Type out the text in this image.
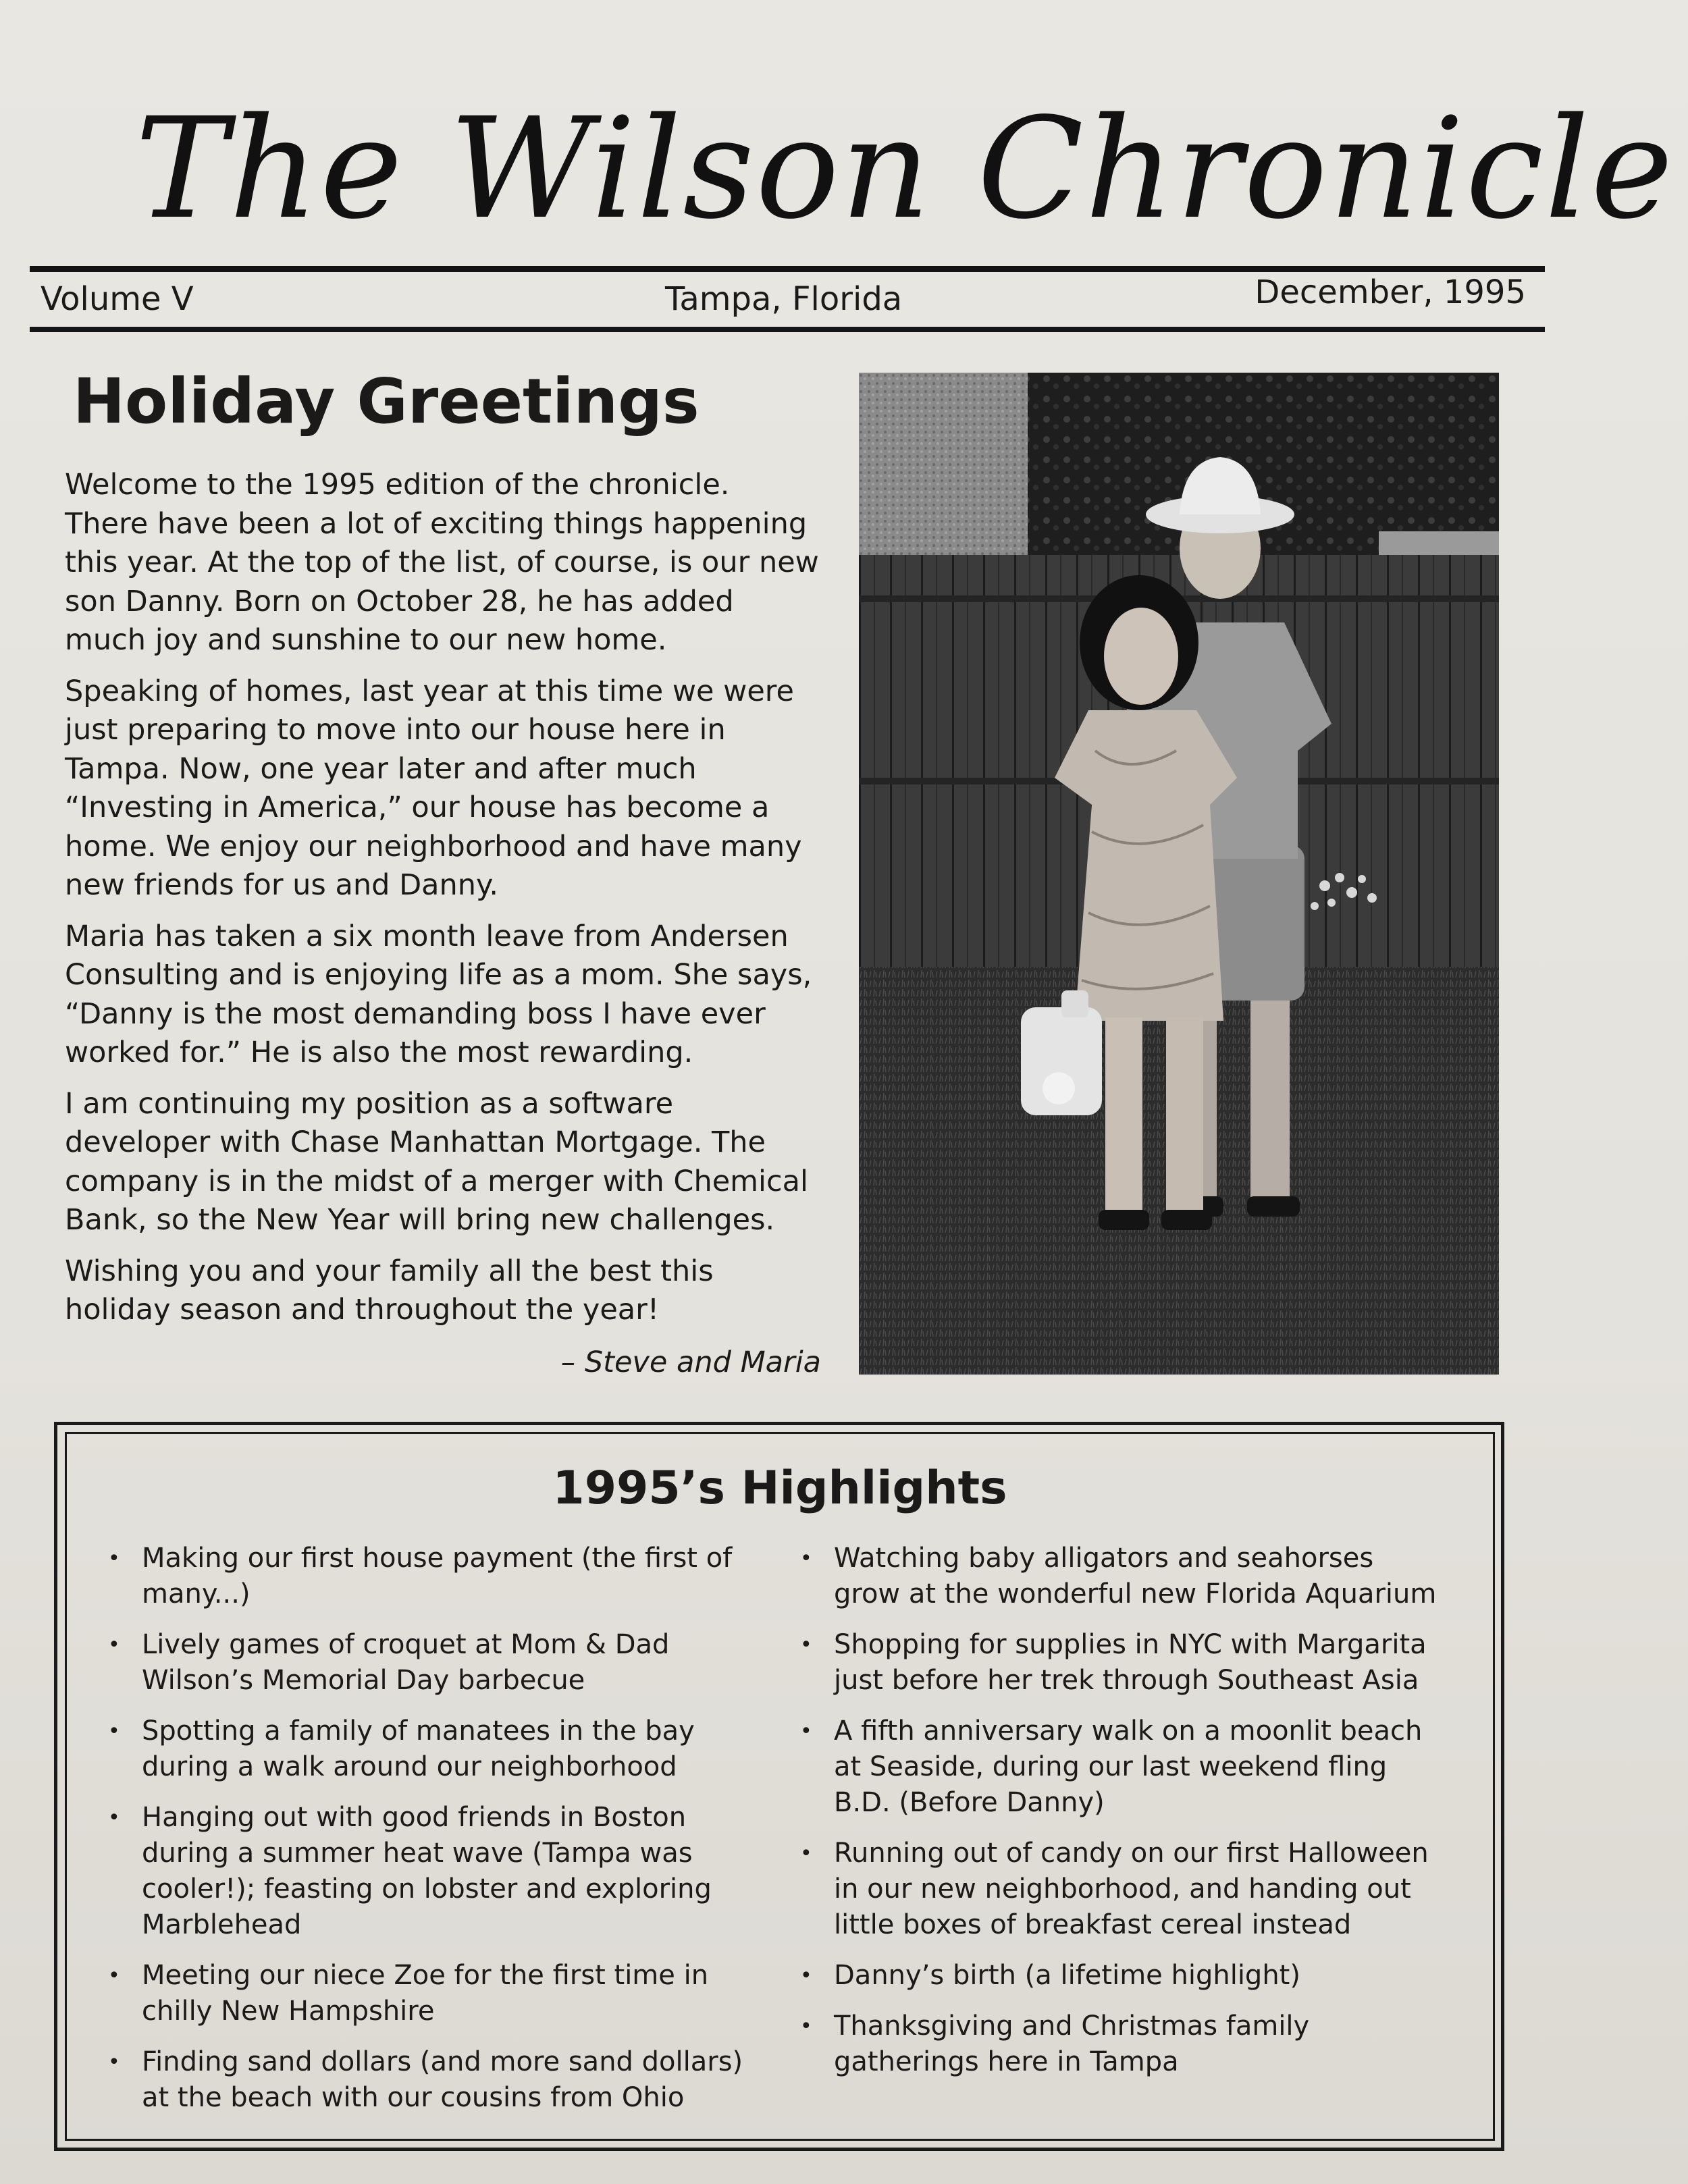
The Wilson Chronicle
Volume V	Tampa, Florida	December, 1995
Holiday Greetings

Welcome to the 1995 edition of the chronicle. There have been a lot of exciting things happening this year. At the top of the list, of course, is our new son Danny. Born on October 28, he has added much joy and sunshine to our new home.

Speaking of homes, last year at this time we were just preparing to move into our house here in Tampa. Now, one year later and after much “Investing in America,” our house has become a home. We enjoy our neighborhood and have many new friends for us and Danny.

Maria has taken a six month leave from Andersen Consulting and is enjoying life as a mom. She says, “Danny is the most demanding boss I have ever worked for.” He is also the most rewarding.

I am continuing my position as a software developer with Chase Manhattan Mortgage. The company is in the midst of a merger with Chemical Bank, so the New Year will bring new challenges.

Wishing you and your family all the best this holiday season and throughout the year!

– Steve and Maria
1995’s Highlights
• Making our first house payment (the first of many...)
• Lively games of croquet at Mom & Dad Wilson’s Memorial Day barbecue
• Spotting a family of manatees in the bay during a walk around our neighborhood
• Hanging out with good friends in Boston during a summer heat wave (Tampa was cooler!); feasting on lobster and exploring Marblehead
• Meeting our niece Zoe for the first time in chilly New Hampshire
• Finding sand dollars (and more sand dollars) at the beach with our cousins from Ohio
• Watching baby alligators and seahorses grow at the wonderful new Florida Aquarium
• Shopping for supplies in NYC with Margarita just before her trek through Southeast Asia
• A fifth anniversary walk on a moonlit beach at Seaside, during our last weekend fling B.D. (Before Danny)
• Running out of candy on our first Halloween in our new neighborhood, and handing out little boxes of breakfast cereal instead
• Danny’s birth (a lifetime highlight)
• Thanksgiving and Christmas family gatherings here in Tampa
